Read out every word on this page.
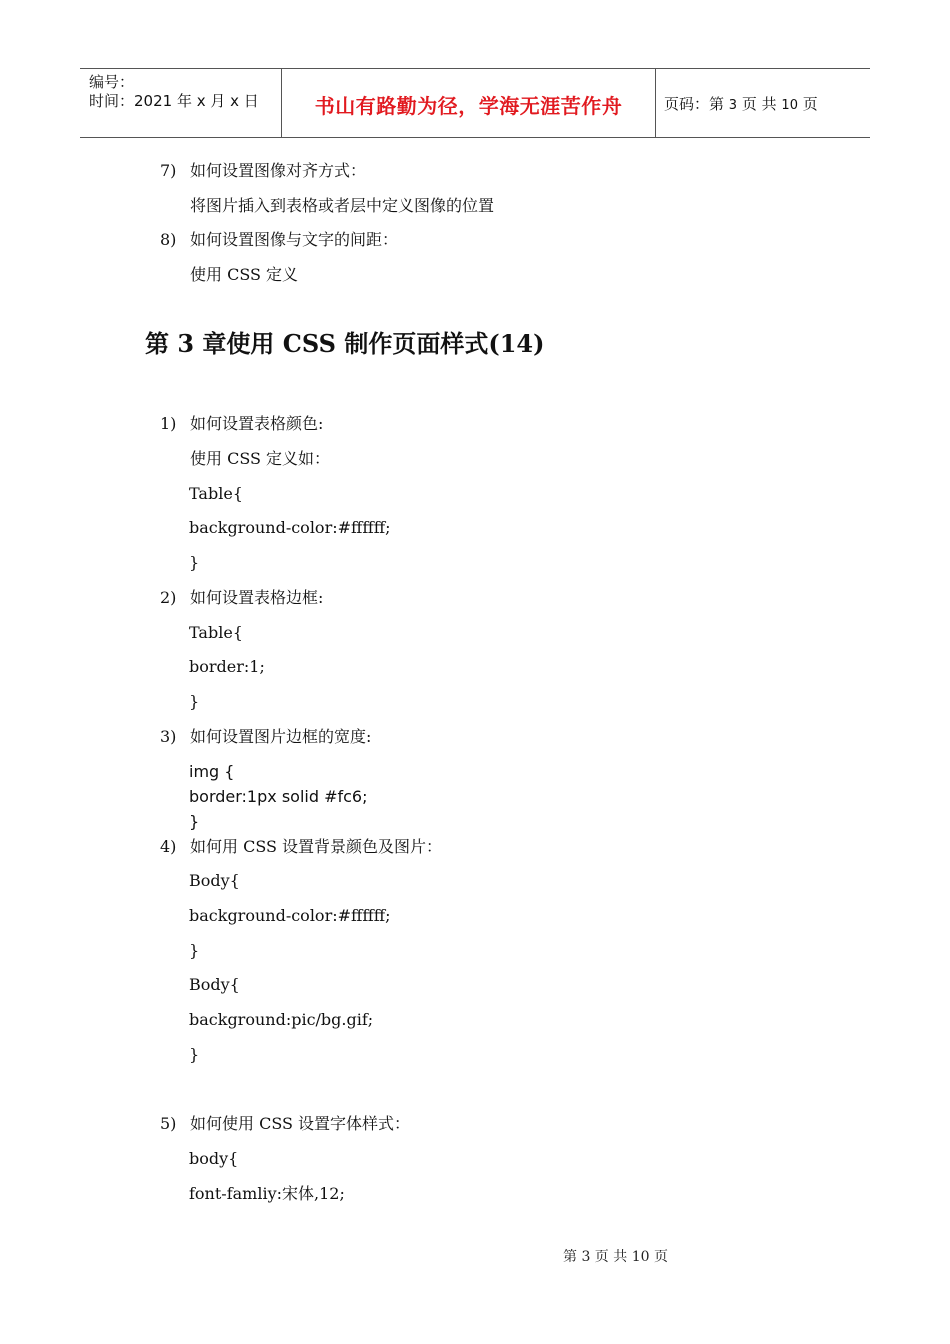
编号：
时间：2021 年 x 月 x 日	书山有路勤为径，学海无涯苦作舟	页码：第 3 页 共 10 页
7) 如何设置图像对齐方式：
将图片插入到表格或者层中定义图像的位置
8) 如何设置图像与文字的间距：
使用 CSS 定义
第 3 章使用 CSS 制作页面样式(14)
1) 如何设置表格颜色:
使用 CSS 定义如：
Table{
background-color:#ffffff;
}
2) 如何设置表格边框:
Table{
border:1;
}
3) 如何设置图片边框的宽度:
img {
border:1px solid #fc6;
}
4) 如何用 CSS 设置背景颜色及图片：
Body{
background-color:#ffffff;
}
Body{
background:pic/bg.gif;
}
5) 如何使用 CSS 设置字体样式：
body{
font-famliy:宋体,12;
第 3 页 共 10 页
